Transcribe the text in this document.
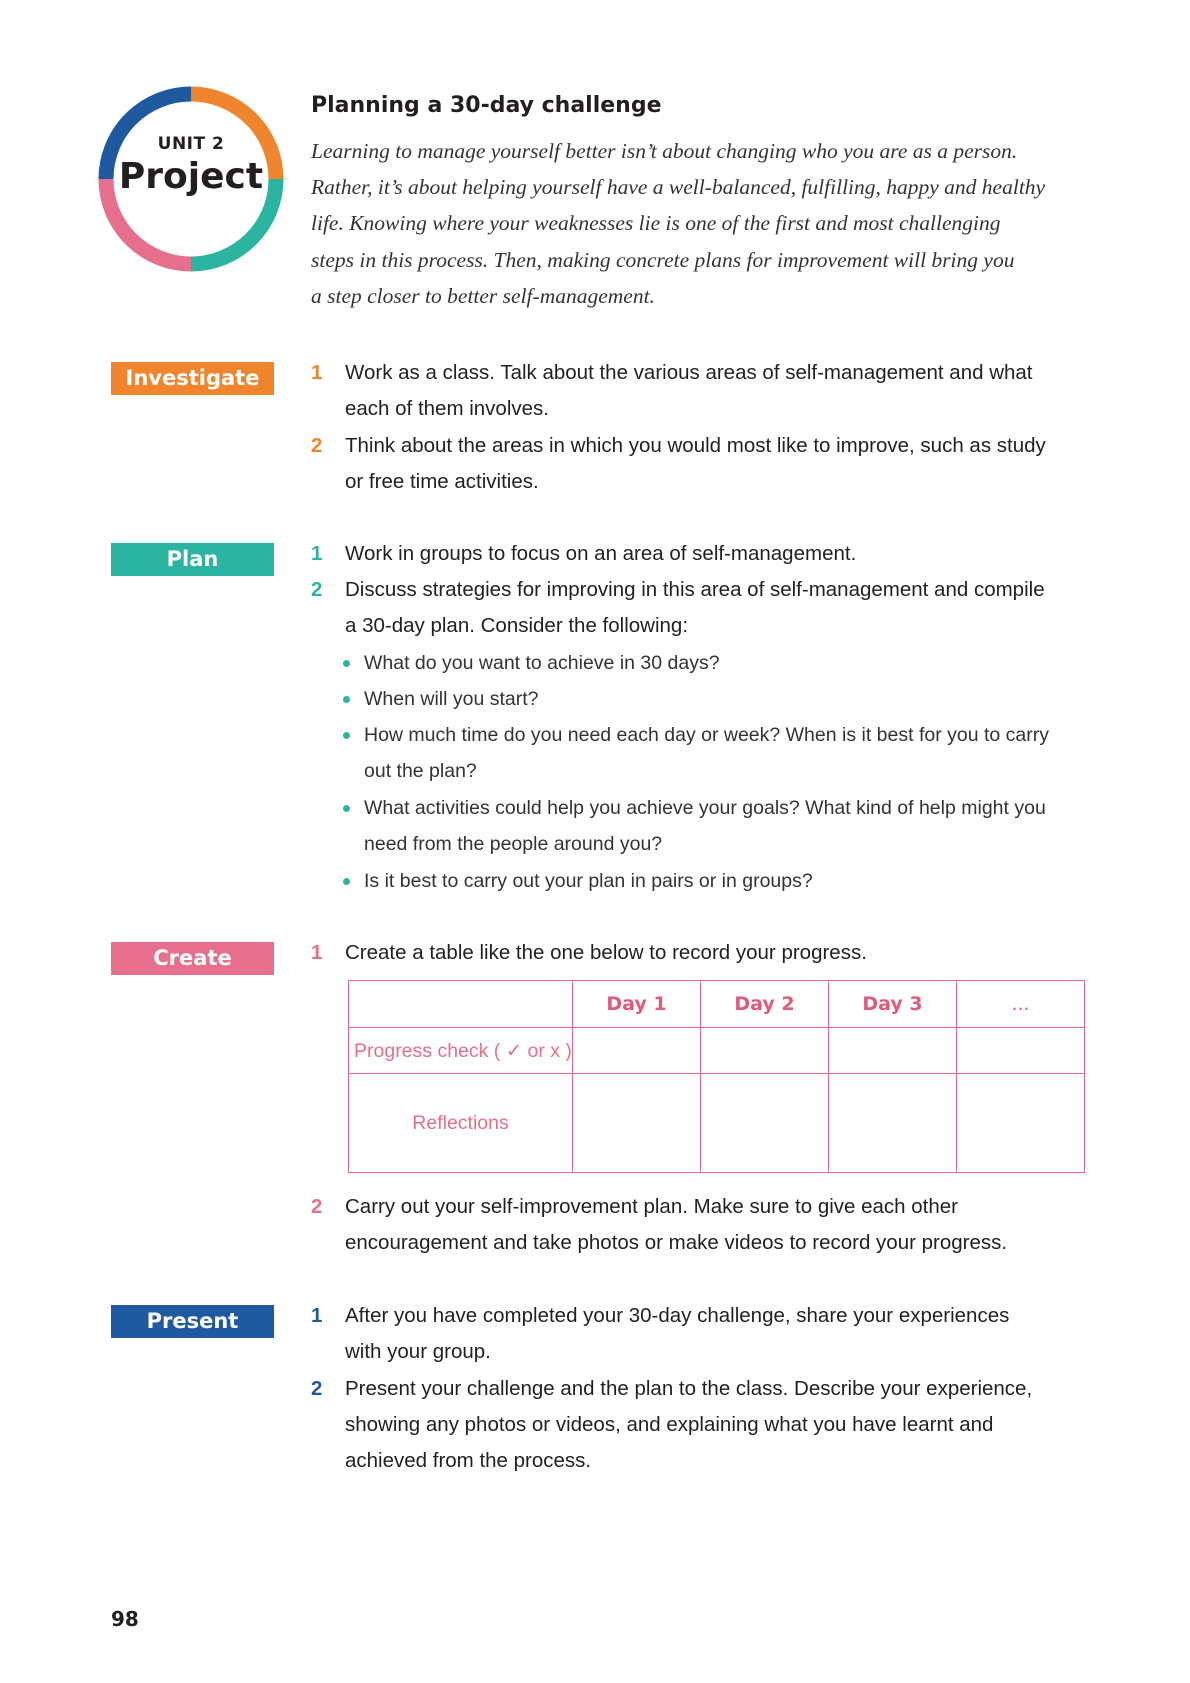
UNIT 2
Project
Planning a 30-day challenge
Learning to manage yourself better isn’t about changing who you are as a person.
Rather, it’s about helping yourself have a well-balanced, fulfilling, happy and healthy
life. Knowing where your weaknesses lie is one of the first and most challenging
steps in this process. Then, making concrete plans for improvement will bring you
a step closer to better self-management.
Investigate	1	Work as a class. Talk about the various areas of self-management and what
each of them involves.
2	Think about the areas in which you would most like to improve, such as study
or free time activities.
Plan	1	Work in groups to focus on an area of self-management.
2	Discuss strategies for improving in this area of self-management and compile
a 30-day plan. Consider the following:
What do you want to achieve in 30 days?
When will you start?
How much time do you need each day or week? When is it best for you to carry
out the plan?
What activities could help you achieve your goals? What kind of help might you
need from the people around you?
Is it best to carry out your plan in pairs or in groups?
Create	1	Create a table like the one below to record your progress.
	Day 1	Day 2	Day 3	...
Progress check ( ✓ or x )				
Reflections				
2	Carry out your self-improvement plan. Make sure to give each other
encouragement and take photos or make videos to record your progress.
Present	1	After you have completed your 30-day challenge, share your experiences
with your group.
2	Present your challenge and the plan to the class. Describe your experience,
showing any photos or videos, and explaining what you have learnt and
achieved from the process.
98
